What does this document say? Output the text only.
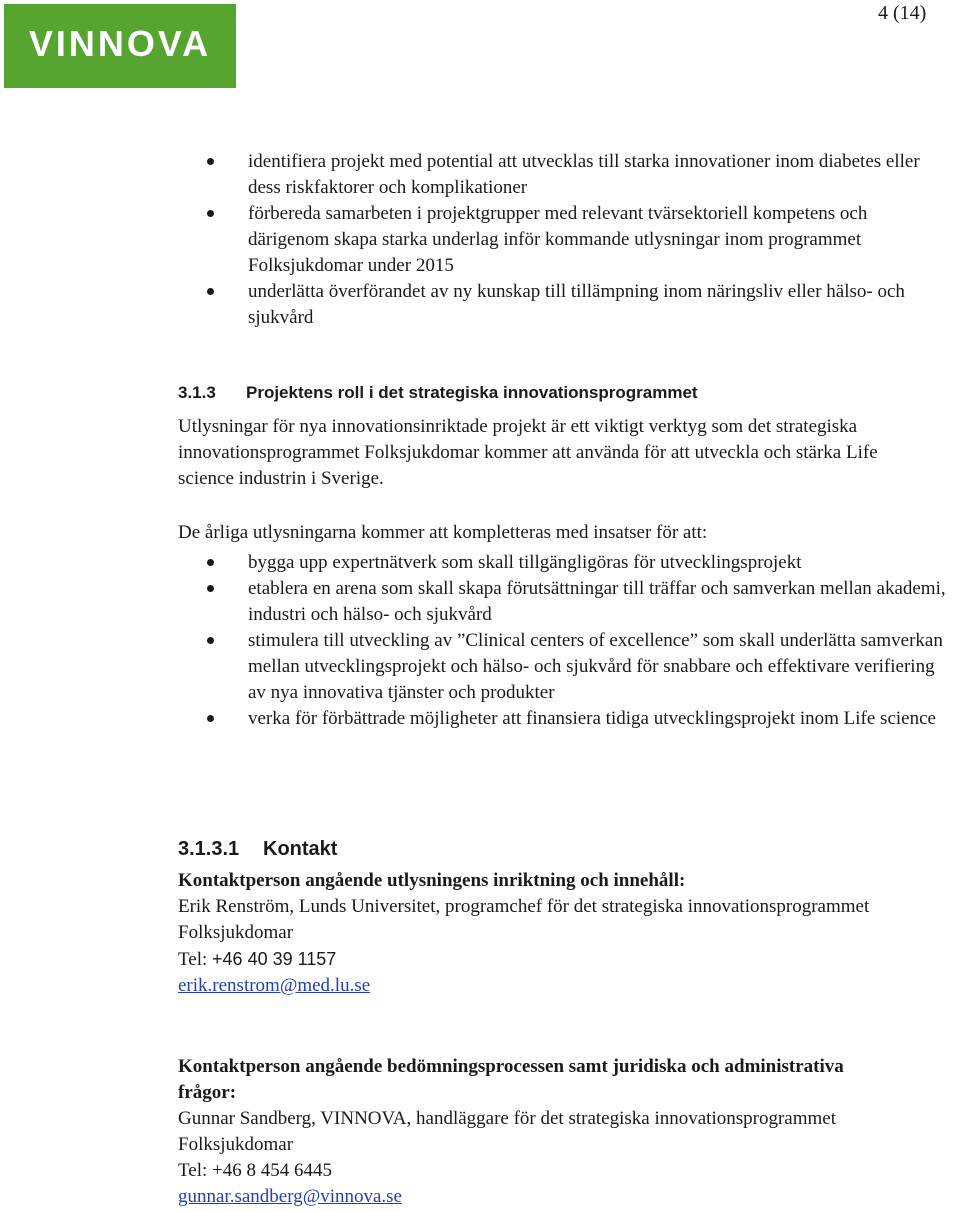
VINNOVA
4 (14)
identifiera projekt med potential att utvecklas till starka innovationer inom diabetes eller dess riskfaktorer och komplikationer
förbereda samarbeten i projektgrupper med relevant tvärsektoriell kompetens och därigenom skapa starka underlag inför kommande utlysningar inom programmet Folksjukdomar under 2015
underlätta överförandet av ny kunskap till tillämpning inom näringsliv eller hälso- och sjukvård
3.1.3 Projektens roll i det strategiska innovationsprogrammet

Utlysningar för nya innovationsinriktade projekt är ett viktigt verktyg som det strategiska innovationsprogrammet Folksjukdomar kommer att använda för att utveckla och stärka Life science industrin i Sverige.

De årliga utlysningarna kommer att kompletteras med insatser för att:

bygga upp expertnätverk som skall tillgängligöras för utvecklingsprojekt
etablera en arena som skall skapa förutsättningar till träffar och samverkan mellan akademi, industri och hälso- och sjukvård
stimulera till utveckling av ”Clinical centers of excellence” som skall underlätta samverkan mellan utvecklingsprojekt och hälso- och sjukvård för snabbare och effektivare verifiering av nya innovativa tjänster och produkter
verka för förbättrade möjligheter att finansiera tidiga utvecklingsprojekt inom Life science
3.1.3.1 Kontakt
Kontaktperson angående utlysningens inriktning och innehåll:
Erik Renström, Lunds Universitet, programchef för det strategiska innovationsprogrammet Folksjukdomar
Tel: +46 40 39 1157
erik.renstrom@med.lu.se
Kontaktperson angående bedömningsprocessen samt juridiska och administrativa frågor:
Gunnar Sandberg, VINNOVA, handläggare för det strategiska innovationsprogrammet Folksjukdomar
Tel: +46 8 454 6445
gunnar.sandberg@vinnova.se
